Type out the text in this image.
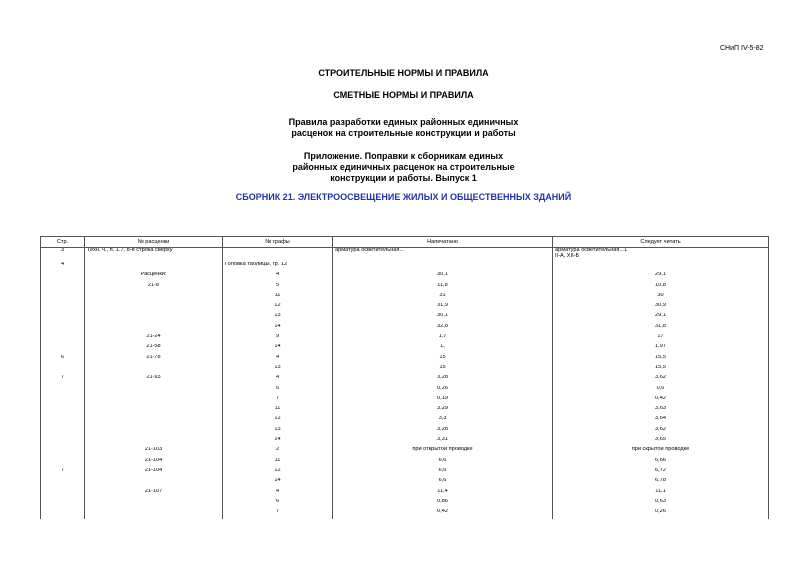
СНиП IV-5-82
СТРОИТЕЛЬНЫЕ НОРМЫ И ПРАВИЛА
СМЕТНЫЕ НОРМЫ И ПРАВИЛА
Правила разработки единых районных единичных
расценок на строительные конструкции и работы
Приложение. Поправки к сборникам единых
районных единичных расценок на строительные
конструкции и работы. Выпуск 1
СБОРНИК 21. ЭЛЕКТРООСВЕЩЕНИЕ ЖИЛЫХ И ОБЩЕСТВЕННЫХ ЗДАНИЙ
Стр.	№ расценки	№ графы	Напечатано	Следует читать
3	Техн. ч., п. 1.7, 8-я строка сверху		арматура осветительная...	арматура осветительная...1
II-А, XII-Б

4		Головка таблицы, гр. 12		
	Расценки:	4	30,1	29,1
	21-8	5	11,8	10,8
		11	31	30
		12	31,9	30,9
		13	30,1	29,1
		14	32,8	31,8
	21-24	9	1,7	17
	21-58	14	1,	1,97
6	21-78	4	15	15,5
		13	15	15,5
7	21-93	4	3,28	3,62
		6	0,26	0,6
		7	0,19	0,42
		11	3,29	3,63
		12	3,3	3,64
		13	3,28	3,62
		14	3,31	3,65
	21-103	2	при открытой проводке	при скрытой проводке
	21-104	11	6,6	6,66
7	21-104	12	6,6	6,72
		14	6,6	6,78
	21-107	4	11,4	11,1
		6	0,86	0,63
		7	0,42	0,26
